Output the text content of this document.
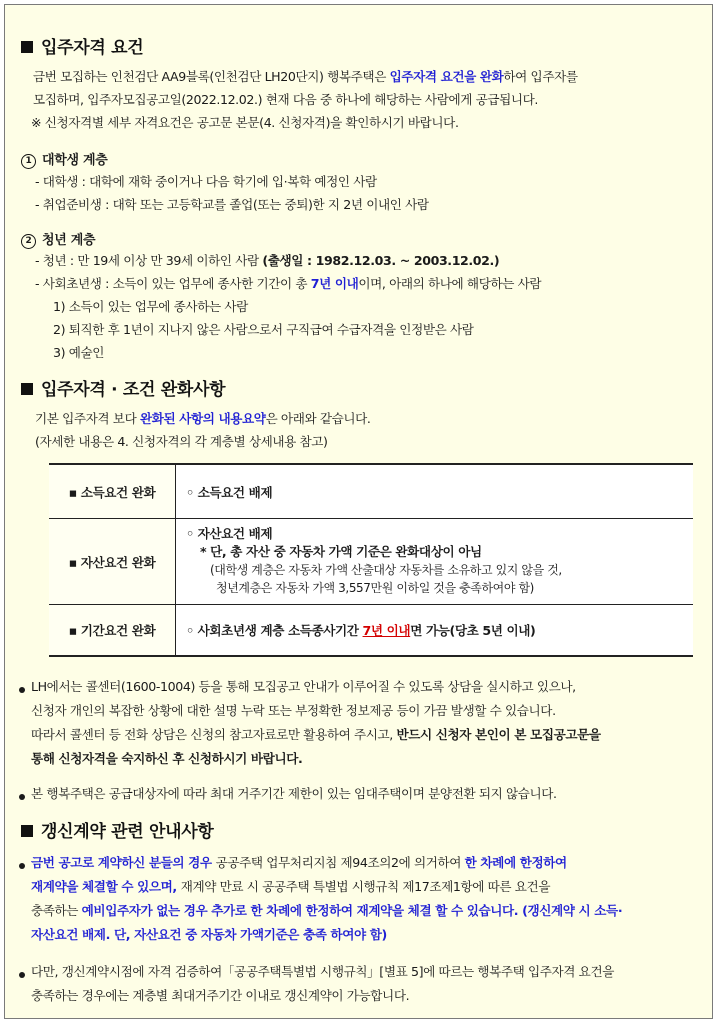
입주자격 요건
금번 모집하는 인천검단 AA9블록(인천검단 LH20단지) 행복주택은 입주자격 요건을 완화하여 입주자를
모집하며, 입주자모집공고일(2022.12.02.) 현재 다음 중 하나에 해당하는 사람에게 공급됩니다.
※ 신청자격별 세부 자격요건은 공고문 본문(4. 신청자격)을 확인하시기 바랍니다.
1 대학생 계층
- 대학생 : 대학에 재학 중이거나 다음 학기에 입·복학 예정인 사람
- 취업준비생 : 대학 또는 고등학교를 졸업(또는 중퇴)한 지 2년 이내인 사람
2 청년 계층
- 청년 : 만 19세 이상 만 39세 이하인 사람 (출생일 : 1982.12.03. ~ 2003.12.02.)
- 사회초년생 : 소득이 있는 업무에 종사한 기간이 총 7년 이내이며, 아래의 하나에 해당하는 사람
1) 소득이 있는 업무에 종사하는 사람
2) 퇴직한 후 1년이 지나지 않은 사람으로서 구직급여 수급자격을 인정받은 사람
3) 예술인
입주자격 · 조건 완화사항
기본 입주자격 보다 완화된 사항의 내용요약은 아래와 같습니다.
(자세한 내용은 4. 신청자격의 각 계층별 상세내용 참고)
▪ 소득요건 완화	◦ 소득요건 배제
▪ 자산요건 완화	◦ 자산요건 배제
* 단, 총 자산 중 자동차 가액 기준은 완화대상이 아님
(대학생 계층은 자동차 가액 산출대상 자동차를 소유하고 있지 않을 것,
청년계층은 자동차 가액 3,557만원 이하일 것을 충족하여야 함)

▪ 기간요건 완화	◦ 사회초년생 계층 소득종사기간 7년 이내면 가능(당초 5년 이내)
LH에서는 콜센터(1600-1004) 등을 통해 모집공고 안내가 이루어질 수 있도록 상담을 실시하고 있으나,
신청자 개인의 복잡한 상황에 대한 설명 누락 또는 부정확한 정보제공 등이 가끔 발생할 수 있습니다.
따라서 콜센터 등 전화 상담은 신청의 참고자료로만 활용하여 주시고, 반드시 신청자 본인이 본 모집공고문을
통해 신청자격을 숙지하신 후 신청하시기 바랍니다.
본 행복주택은 공급대상자에 따라 최대 거주기간 제한이 있는 임대주택이며 분양전환 되지 않습니다.
갱신계약 관련 안내사항
금번 공고로 계약하신 분들의 경우 공공주택 업무처리지침 제94조의2에 의거하여 한 차례에 한정하여
재계약을 체결할 수 있으며, 재계약 만료 시 공공주택 특별법 시행규칙 제17조제1항에 따른 요건을
충족하는 예비입주자가 없는 경우 추가로 한 차례에 한정하여 재계약을 체결 할 수 있습니다. (갱신계약 시 소득·
자산요건 배제. 단, 자산요건 중 자동차 가액기준은 충족 하여야 함)
다만, 갱신계약시점에 자격 검증하여「공공주택특별법 시행규칙」[별표 5]에 따르는 행복주택 입주자격 요건을
충족하는 경우에는 계층별 최대거주기간 이내로 갱신계약이 가능합니다.
